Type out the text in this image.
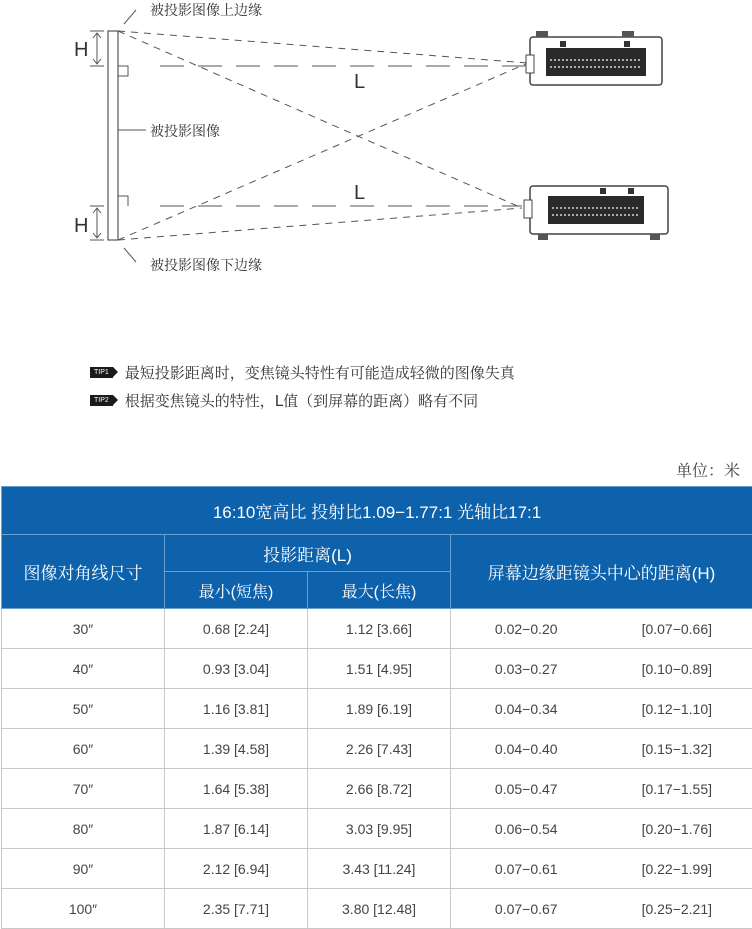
被投影图像上边缘
被投影图像
被投影图像下边缘
H
H
L
L
TIP1 最短投影距离时，变焦镜头特性有可能造成轻微的图像失真
TIP2 根据变焦镜头的特性，L值（到屏幕的距离）略有不同
单位：米
16:10宽高比 投射比1.09−1.77:1 光轴比17:1			
图像对角线尺寸	投影距离(L)		屏幕边缘距镜头中心的距离(H)
	最小(短焦)	最大(长焦)	
30″	0.68 [2.24]	1.12 [3.66]	0.02−0.20 [0.07−0.66]

40″	0.93 [3.04]	1.51 [4.95]	0.03−0.27 [0.10−0.89]

50″	1.16 [3.81]	1.89 [6.19]	0.04−0.34 [0.12−1.10]

60″	1.39 [4.58]	2.26 [7.43]	0.04−0.40 [0.15−1.32]

70″	1.64 [5.38]	2.66 [8.72]	0.05−0.47 [0.17−1.55]

80″	1.87 [6.14]	3.03 [9.95]	0.06−0.54 [0.20−1.76]

90″	2.12 [6.94]	3.43 [11.24]	0.07−0.61 [0.22−1.99]

100″	2.35 [7.71]	3.80 [12.48]	0.07−0.67 [0.25−2.21]
